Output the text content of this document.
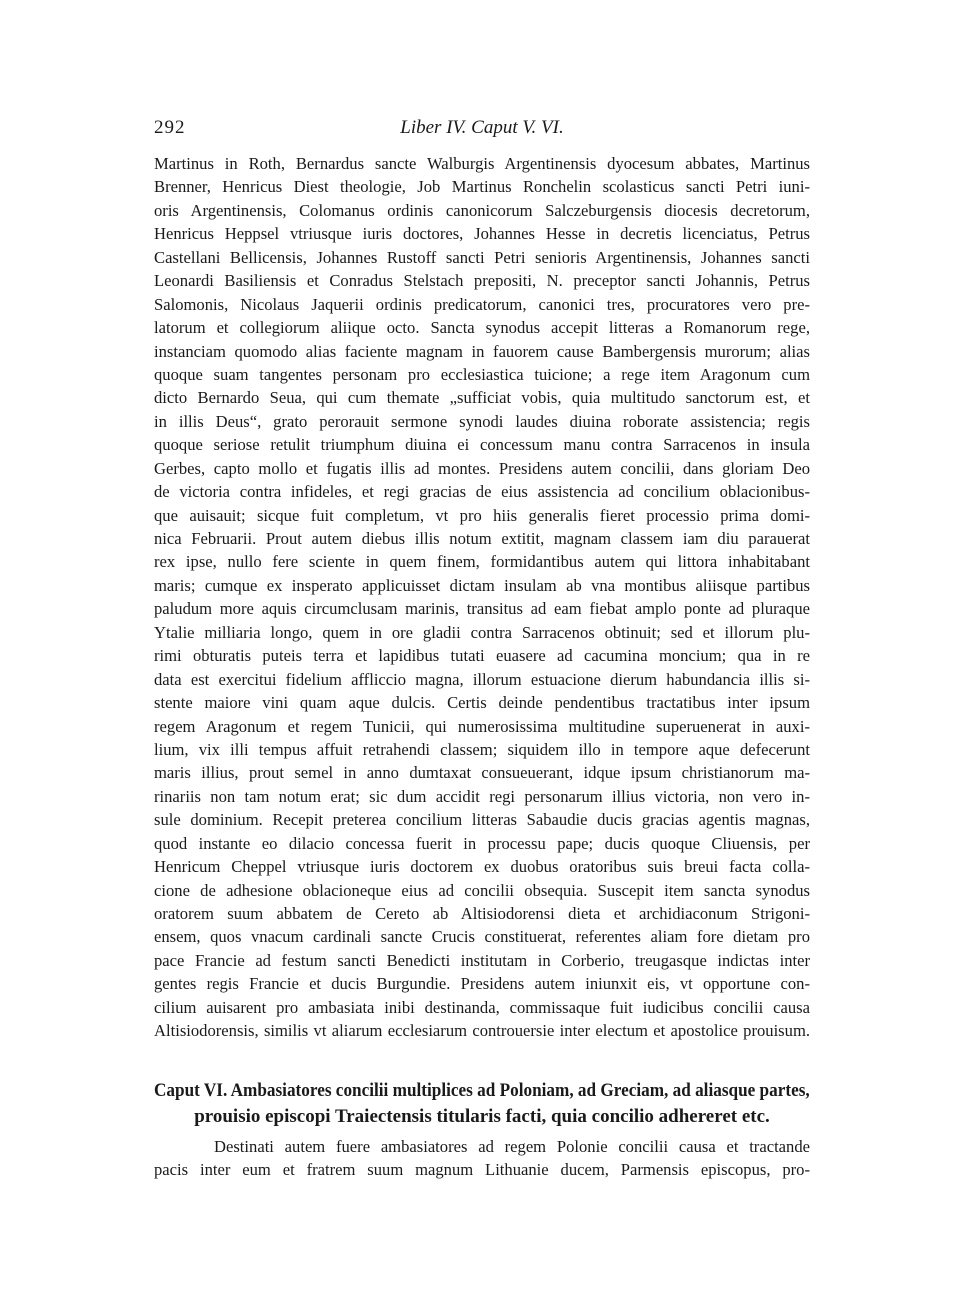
292	Liber IV. Caput V. VI.
Martinus in Roth, Bernardus sancte Walburgis Argentinensis dyocesum abbates, Martinus
Brenner, Henricus Diest theologie, Job Martinus Ronchelin scolasticus sancti Petri iuni-
oris Argentinensis, Colomanus ordinis canonicorum Salczeburgensis diocesis decretorum,
Henricus Heppsel vtriusque iuris doctores, Johannes Hesse in decretis licenciatus, Petrus
Castellani Bellicensis, Johannes Rustoff sancti Petri senioris Argentinensis, Johannes sancti
Leonardi Basiliensis et Conradus Stelstach prepositi, N. preceptor sancti Johannis, Petrus
Salomonis, Nicolaus Jaquerii ordinis predicatorum, canonici tres, procuratores vero pre-
latorum et collegiorum aliique octo. Sancta synodus accepit litteras a Romanorum rege,
instanciam quomodo alias faciente magnam in fauorem cause Bambergensis murorum; alias
quoque suam tangentes personam pro ecclesiastica tuicione; a rege item Aragonum cum
dicto Bernardo Seua, qui cum themate „sufficiat vobis, quia multitudo sanctorum est, et
in illis Deus“, grato perorauit sermone synodi laudes diuina roborate assistencia; regis
quoque seriose retulit triumphum diuina ei concessum manu contra Sarracenos in insula
Gerbes, capto mollo et fugatis illis ad montes. Presidens autem concilii, dans gloriam Deo
de victoria contra infideles, et regi gracias de eius assistencia ad concilium oblacionibus-
que auisauit; sicque fuit completum, vt pro hiis generalis fieret processio prima domi-
nica Februarii. Prout autem diebus illis notum extitit, magnam classem iam diu parauerat
rex ipse, nullo fere sciente in quem finem, formidantibus autem qui littora inhabitabant
maris; cumque ex insperato applicuisset dictam insulam ab vna montibus aliisque partibus
paludum more aquis circumclusam marinis, transitus ad eam fiebat amplo ponte ad pluraque
Ytalie milliaria longo, quem in ore gladii contra Sarracenos obtinuit; sed et illorum plu-
rimi obturatis puteis terra et lapidibus tutati euasere ad cacumina moncium; qua in re
data est exercitui fidelium affliccio magna, illorum estuacione dierum habundancia illis si-
stente maiore vini quam aque dulcis. Certis deinde pendentibus tractatibus inter ipsum
regem Aragonum et regem Tunicii, qui numerosissima multitudine superuenerat in auxi-
lium, vix illi tempus affuit retrahendi classem; siquidem illo in tempore aque defecerunt
maris illius, prout semel in anno dumtaxat consueuerant, idque ipsum christianorum ma-
rinariis non tam notum erat; sic dum accidit regi personarum illius victoria, non vero in-
sule dominium. Recepit preterea concilium litteras Sabaudie ducis gracias agentis magnas,
quod instante eo dilacio concessa fuerit in processu pape; ducis quoque Cliuensis, per
Henricum Cheppel vtriusque iuris doctorem ex duobus oratoribus suis breui facta colla-
cione de adhesione oblacioneque eius ad concilii obsequia. Suscepit item sancta synodus
oratorem suum abbatem de Cereto ab Altisiodorensi dieta et archidiaconum Strigoni-
ensem, quos vnacum cardinali sancte Crucis constituerat, referentes aliam fore dietam pro
pace Francie ad festum sancti Benedicti institutam in Corberio, treugasque indictas inter
gentes regis Francie et ducis Burgundie. Presidens autem iniunxit eis, vt opportune con-
cilium auisarent pro ambasiata inibi destinanda, commissaque fuit iudicibus concilii causa
Altisiodorensis, similis vt aliarum ecclesiarum controuersie inter electum et apostolice prouisum.
Caput VI. Ambasiatores concilii multiplices ad Poloniam, ad Greciam, ad aliasque partes,
prouisio episcopi Traiectensis titularis facti, quia concilio adhereret etc.
Destinati autem fuere ambasiatores ad regem Polonie concilii causa et tractande
pacis inter eum et fratrem suum magnum Lithuanie ducem, Parmensis episcopus, pro-
